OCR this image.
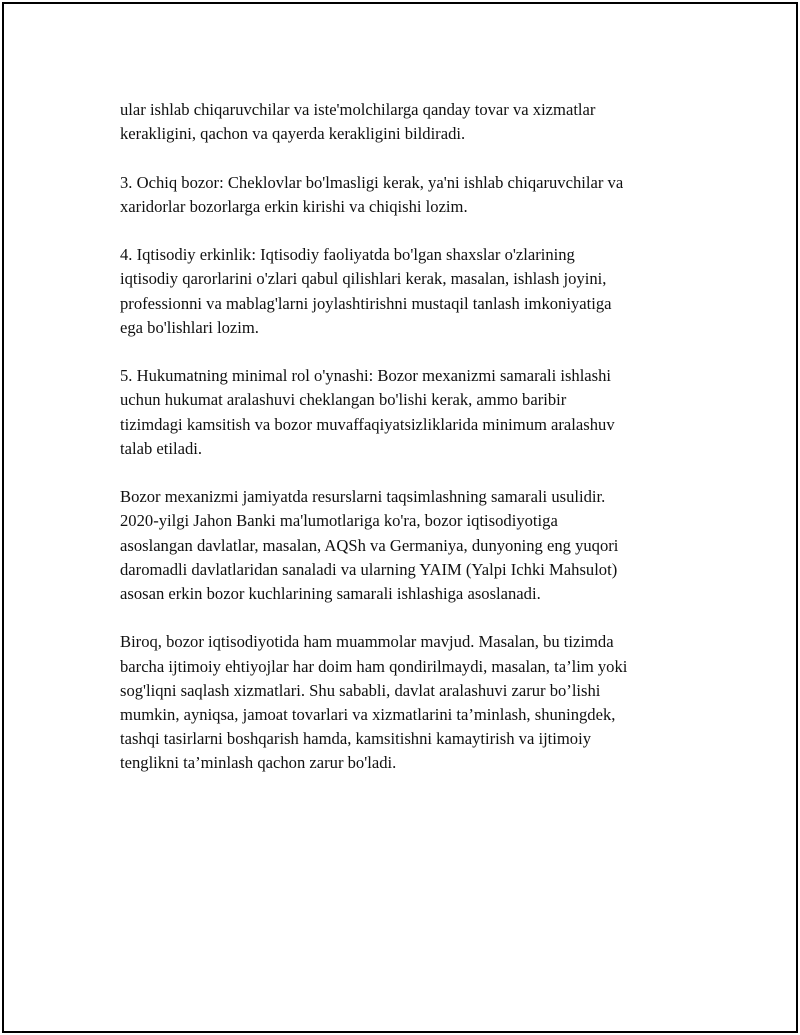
ular ishlab chiqaruvchilar va iste'molchilarga qanday tovar va xizmatlar
kerakligini, qachon va qayerda kerakligini bildiradi.

3. Ochiq bozor: Cheklovlar bo'lmasligi kerak, ya'ni ishlab chiqaruvchilar va
xaridorlar bozorlarga erkin kirishi va chiqishi lozim.

4. Iqtisodiy erkinlik: Iqtisodiy faoliyatda bo'lgan shaxslar o'zlarining
iqtisodiy qarorlarini o'zlari qabul qilishlari kerak, masalan, ishlash joyini,
professionni va mablag'larni joylashtirishni mustaqil tanlash imkoniyatiga
ega bo'lishlari lozim.

5. Hukumatning minimal rol o'ynashi: Bozor mexanizmi samarali ishlashi
uchun hukumat aralashuvi cheklangan bo'lishi kerak, ammo baribir
tizimdagi kamsitish va bozor muvaffaqiyatsizliklarida minimum aralashuv
talab etiladi.

Bozor mexanizmi jamiyatda resurslarni taqsimlashning samarali usulidir.
2020-yilgi Jahon Banki ma'lumotlariga ko'ra, bozor iqtisodiyotiga
asoslangan davlatlar, masalan, AQSh va Germaniya, dunyoning eng yuqori
daromadli davlatlaridan sanaladi va ularning YAIM (Yalpi Ichki Mahsulot)
asosan erkin bozor kuchlarining samarali ishlashiga asoslanadi.

Biroq, bozor iqtisodiyotida ham muammolar mavjud. Masalan, bu tizimda
barcha ijtimoiy ehtiyojlar har doim ham qondirilmaydi, masalan, ta’lim yoki
sog'liqni saqlash xizmatlari. Shu sababli, davlat aralashuvi zarur bo’lishi
mumkin, ayniqsa, jamoat tovarlari va xizmatlarini ta’minlash, shuningdek,
tashqi tasirlarni boshqarish hamda, kamsitishni kamaytirish va ijtimoiy
tenglikni ta’minlash qachon zarur bo'ladi.
